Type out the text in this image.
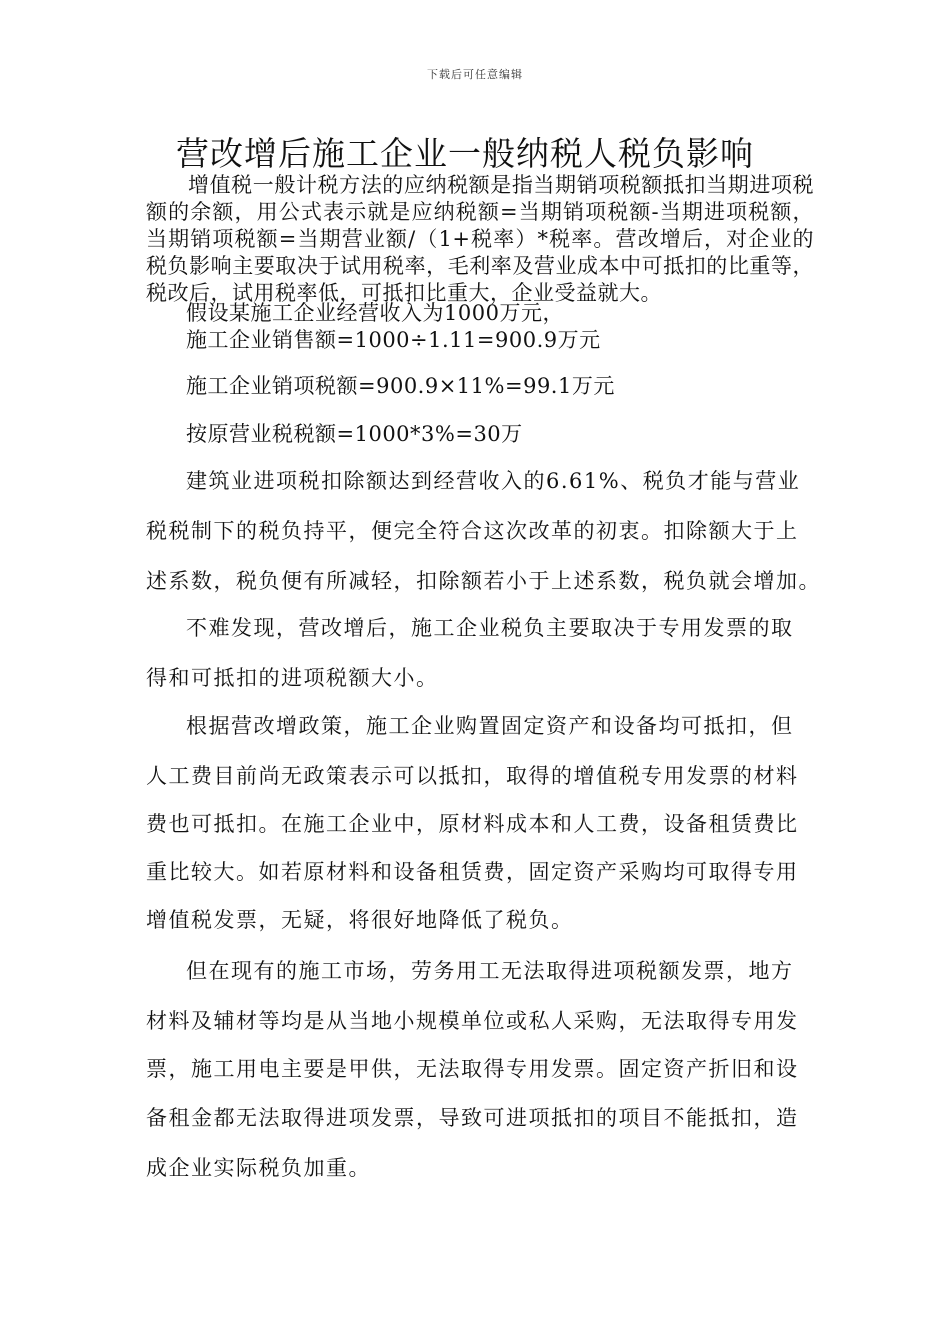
下载后可任意编辑
营改增后施工企业一般纳税人税负影响

增值税一般计税方法的应纳税额是指当期销项税额抵扣当期进项税额的余额，用公式表示就是应纳税额=当期销项税额-当期进项税额，当期销项税额=当期营业额/（1+税率）*税率。营改增后，对企业的税负影响主要取决于试用税率，毛利率及营业成本中可抵扣的比重等，税改后，试用税率低，可抵扣比重大，企业受益就大。

假设某施工企业经营收入为1000万元，

施工企业销售额=1000÷1.11=900.9万元

施工企业销项税额=900.9×11%=99.1万元

按原营业税税额=1000*3%=30万

建筑业进项税扣除额达到经营收入的6.61%、税负才能与营业

税税制下的税负持平，便完全符合这次改革的初衷。扣除额大于上

述系数，税负便有所减轻，扣除额若小于上述系数，税负就会增加。

不难发现，营改增后，施工企业税负主要取决于专用发票的取

得和可抵扣的进项税额大小。

根据营改增政策，施工企业购置固定资产和设备均可抵扣，但

人工费目前尚无政策表示可以抵扣，取得的增值税专用发票的材料

费也可抵扣。在施工企业中，原材料成本和人工费，设备租赁费比

重比较大。如若原材料和设备租赁费，固定资产采购均可取得专用

增值税发票，无疑，将很好地降低了税负。

但在现有的施工市场，劳务用工无法取得进项税额发票，地方

材料及辅材等均是从当地小规模单位或私人采购，无法取得专用发

票，施工用电主要是甲供，无法取得专用发票。固定资产折旧和设

备租金都无法取得进项发票，导致可进项抵扣的项目不能抵扣，造

成企业实际税负加重。
